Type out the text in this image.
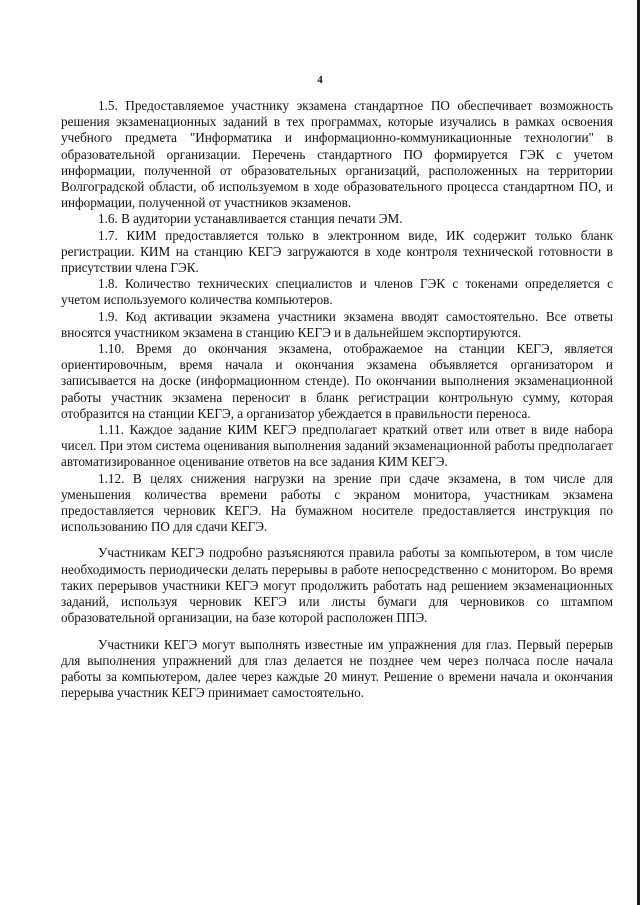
4

1.5. Предоставляемое участнику экзамена стандартное ПО обеспечивает возможность решения экзаменационных заданий в тех программах, которые изучались в рамках освоения учебного предмета "Информатика и информационно-коммуникационные технологии" в образовательной организации. Перечень стандартного ПО формируется ГЭК с учетом информации, полученной от образовательных организаций, расположенных на территории Волгоградской области, об используемом в ходе образовательного процесса стандартном ПО, и информации, полученной от участников экзаменов.

1.6. В аудитории устанавливается станция печати ЭМ.

1.7. КИМ предоставляется только в электронном виде, ИК содержит только бланк регистрации. КИМ на станцию КЕГЭ загружаются в ходе контроля технической готовности в присутствии члена ГЭК.

1.8. Количество технических специалистов и членов ГЭК с токенами определяется с учетом используемого количества компьютеров.

1.9. Код активации экзамена участники экзамена вводят самостоятельно. Все ответы вносятся участником экзамена в станцию КЕГЭ и в дальнейшем экспортируются.

1.10. Время до окончания экзамена, отображаемое на станции КЕГЭ, является ориентировочным, время начала и окончания экзамена объявляется организатором и записывается на доске (информационном стенде). По окончании выполнения экзаменационной работы участник экзамена переносит в бланк регистрации контрольную сумму, которая отобразится на станции КЕГЭ, а организатор убеждается в правильности переноса.

1.11. Каждое задание КИМ КЕГЭ предполагает краткий ответ или ответ в виде набора чисел. При этом система оценивания выполнения заданий экзаменационной работы предполагает автоматизированное оценивание ответов на все задания КИМ КЕГЭ.

1.12. В целях снижения нагрузки на зрение при сдаче экзамена, в том числе для уменьшения количества времени работы с экраном монитора, участникам экзамена предоставляется черновик КЕГЭ. На бумажном носителе предоставляется инструкция по использованию ПО для сдачи КЕГЭ.

Участникам КЕГЭ подробно разъясняются правила работы за компьютером, в том числе необходимость периодически делать перерывы в работе непосредственно с монитором. Во время таких перерывов участники КЕГЭ могут продолжить работать над решением экзаменационных заданий, используя черновик КЕГЭ или листы бумаги для черновиков со штампом образовательной организации, на базе которой расположен ППЭ.

Участники КЕГЭ могут выполнять известные им упражнения для глаз. Первый перерыв для выполнения упражнений для глаз делается не позднее чем через полчаса после начала работы за компьютером, далее через каждые 20 минут. Решение о времени начала и окончания перерыва участник КЕГЭ принимает самостоятельно.
